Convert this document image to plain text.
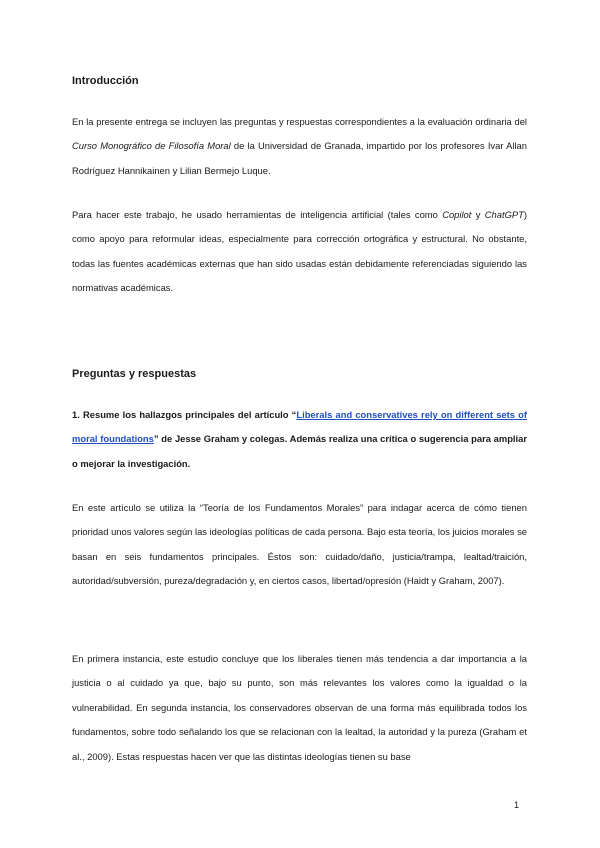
Introducción

En la presente entrega se incluyen las preguntas y respuestas correspondientes a la evaluación ordinaria del Curso Monográfico de Filosofía Moral de la Universidad de Granada, impartido por los profesores Ivar Allan Rodríguez Hannikainen y Lilian Bermejo Luque.

Para hacer este trabajo, he usado herramientas de inteligencia artificial (tales como Copilot y ChatGPT) como apoyo para reformular ideas, especialmente para corrección ortográfica y estructural. No obstante, todas las fuentes académicas externas que han sido usadas están debidamente referenciadas siguiendo las normativas académicas.

Preguntas y respuestas

1. Resume los hallazgos principales del artículo “Liberals and conservatives rely on different sets of moral foundations” de Jesse Graham y colegas. Además realiza una crítica o sugerencia para ampliar o mejorar la investigación.

En este artículo se utiliza la “Teoría de los Fundamentos Morales” para indagar acerca de cómo tienen prioridad unos valores según las ideologías políticas de cada persona. Bajo esta teoría, los juicios morales se basan en seis fundamentos principales. Éstos son: cuidado/daño, justicia/trampa, lealtad/traición, autoridad/subversión, pureza/degradación y, en ciertos casos, libertad/opresión (Haidt y Graham, 2007).

En primera instancia, este estudio concluye que los liberales tienen más tendencia a dar importancia a la justicia o al cuidado ya que, bajo su punto, son más relevantes los valores como la igualdad o la vulnerabilidad. En segunda instancia, los conservadores observan de una forma más equilibrada todos los fundamentos, sobre todo señalando los que se relacionan con la lealtad, la autoridad y la pureza (Graham et al., 2009). Estas respuestas hacen ver que las distintas ideologías tienen su base

1
